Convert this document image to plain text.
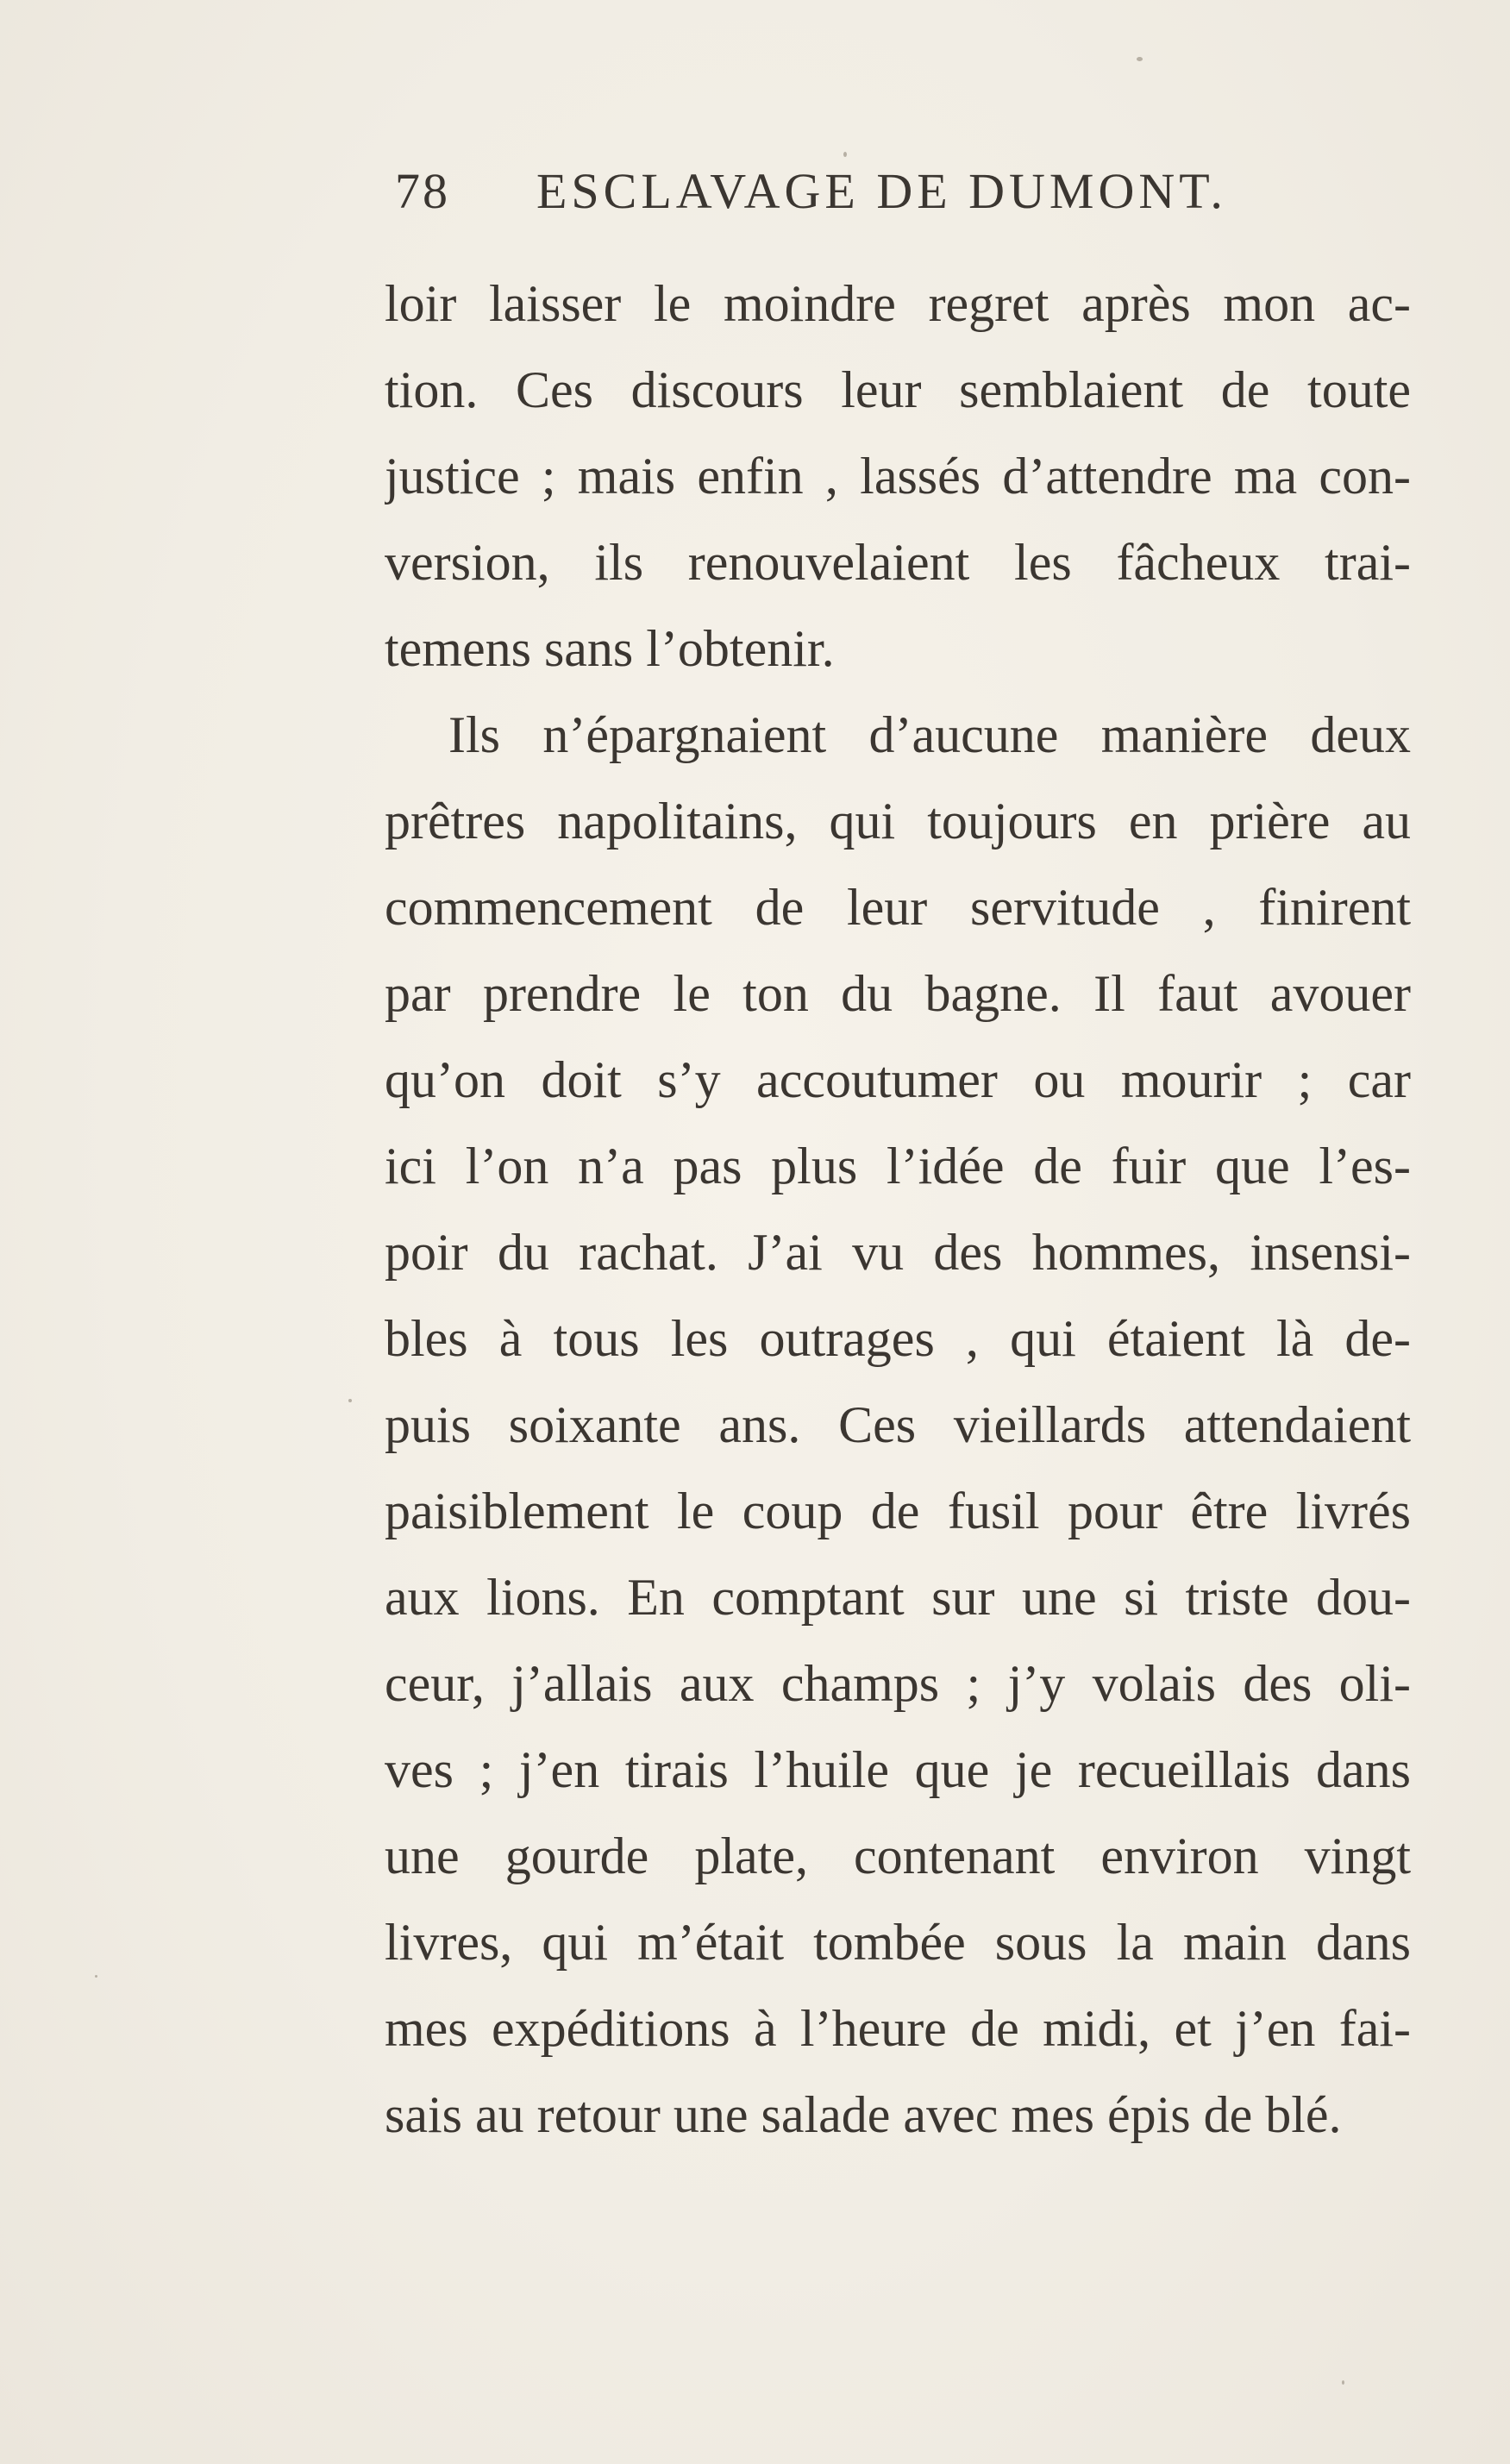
78 ESCLAVAGE DE DUMONT.
loir laisser le moindre regret après mon ac-
tion. Ces discours leur semblaient de toute
justice ; mais enfin , lassés d’attendre ma con-
version, ils renouvelaient les fâcheux trai-
temens sans l’obtenir.
Ils n’épargnaient d’aucune manière deux
prêtres napolitains, qui toujours en prière au
commencement de leur servitude , finirent
par prendre le ton du bagne. Il faut avouer
qu’on doit s’y accoutumer ou mourir ; car
ici l’on n’a pas plus l’idée de fuir que l’es-
poir du rachat. J’ai vu des hommes, insensi-
bles à tous les outrages , qui étaient là de-
puis soixante ans. Ces vieillards attendaient
paisiblement le coup de fusil pour être livrés
aux lions. En comptant sur une si triste dou-
ceur, j’allais aux champs ; j’y volais des oli-
ves ; j’en tirais l’huile que je recueillais dans
une gourde plate, contenant environ vingt
livres, qui m’était tombée sous la main dans
mes expéditions à l’heure de midi, et j’en fai-
sais au retour une salade avec mes épis de blé.
